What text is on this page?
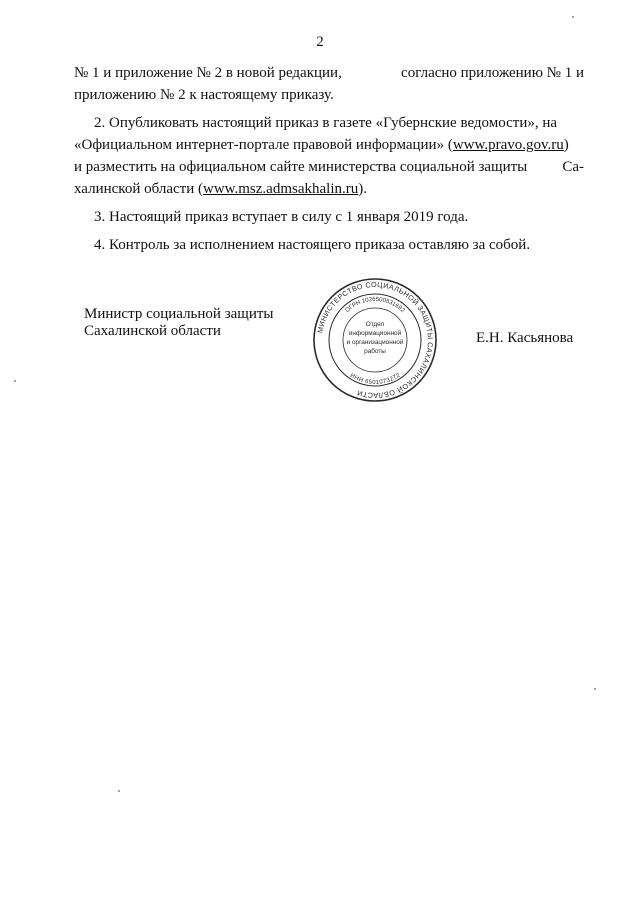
2
№ 1 и приложение № 2 в новой редакции,	согласно приложению № 1 и
приложению № 2 к настоящему приказу.
2. Опубликовать настоящий приказ в газете «Губернские ведомости», на
«Официальном интернет-портале правовой информации» (www.pravo.gov.ru)
и разместить на официальном сайте министерства социальной защиты Са-
халинской области (www.msz.admsakhalin.ru).
3. Настоящий приказ вступает в силу с 1 января 2019 года.
4. Контроль за исполнением настоящего приказа оставляю за собой.
Министр социальной защиты
Сахалинской области	МИНИСТЕРСТВО СОЦИАЛЬНОЙ ЗАЩИТЫ САХАЛИНСКОЙ ОБЛАСТИ
ОГРН 1026500531692
ИНН 6501073272
Отдел
информационной
и организационной
работы
Е.Н. Касьянова
